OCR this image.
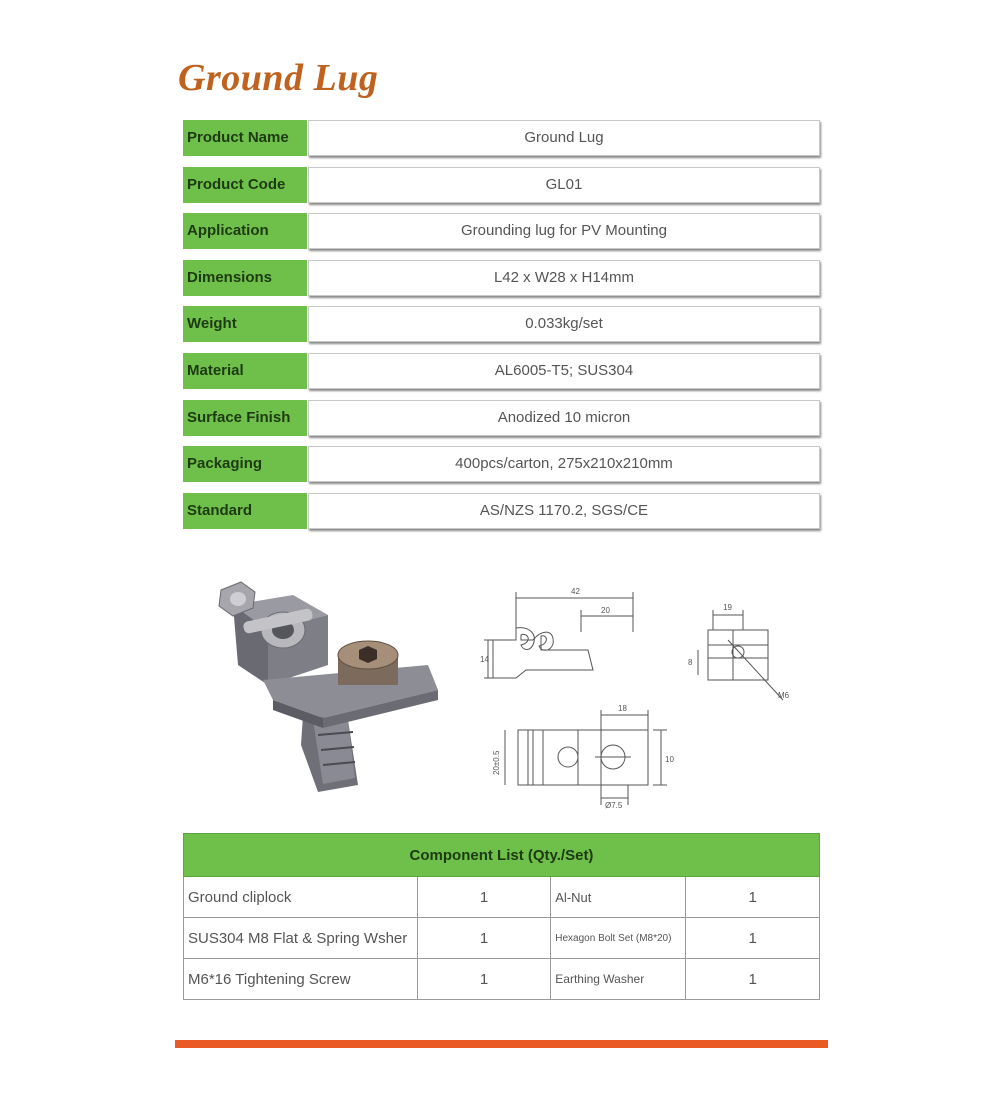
Ground Lug
Product Name	Ground Lug
Product Code	GL01
Application	Grounding lug for PV Mounting
Dimensions	L42 x W28 x H14mm
Weight	0.033kg/set
Material	AL6005-T5; SUS304
Surface Finish	Anodized 10 micron
Packaging	400pcs/carton, 275x210x210mm
Standard	AS/NZS 1170.2, SGS/CE
42
20
14
19
8
M6
18
10
20±0.5
Ø7.5
Component List (Qty./Set)			
Ground cliplock	1	Al-Nut	1
SUS304 M8 Flat & Spring Wsher	1	Hexagon Bolt Set (M8*20)	1
M6*16 Tightening Screw	1	Earthing Washer	1
